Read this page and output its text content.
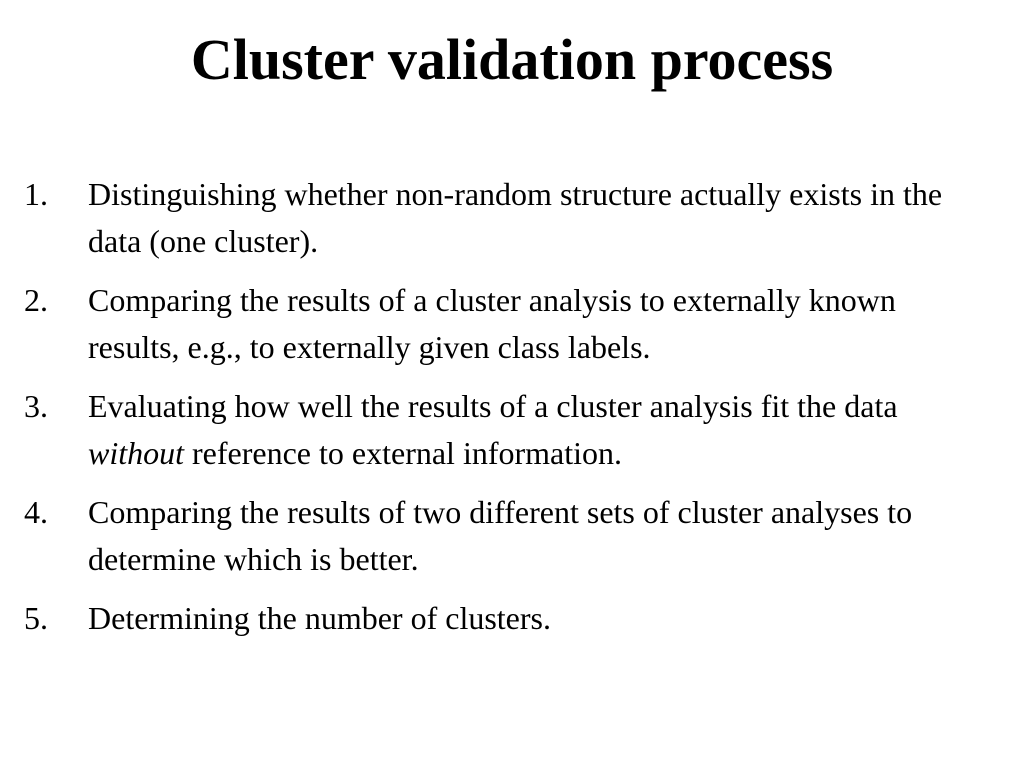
Cluster validation process
1.	Distinguishing whether non-random structure actually exists in the data (one cluster).
2.	Comparing the results of a cluster analysis to externally known results, e.g., to externally given class labels.
3.	Evaluating how well the results of a cluster analysis fit the data without reference to external information.
4.	Comparing the results of two different sets of cluster analyses to determine which is better.
5.	Determining the number of clusters.
